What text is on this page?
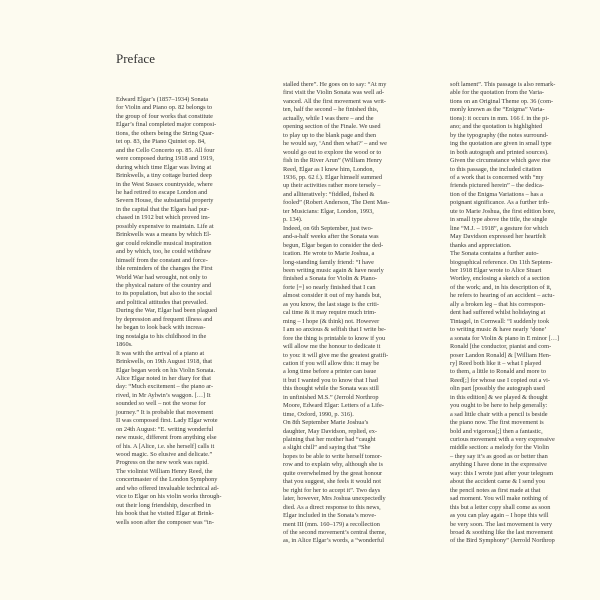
Preface
Edward Elgar’s (1857–1934) Sonata
for Violin and Piano op. 82 belongs to
the group of four works that constitute
Elgar’s final completed major composi-
tions, the others being the String Quar-
tet op. 83, the Piano Quintet op. 84,
and the Cello Concerto op. 85. All four
were composed during 1918 and 1919,
during which time Elgar was living at
Brinkwells, a tiny cottage buried deep
in the West Sussex countryside, where
he had retired to escape London and
Severn House, the substantial property
in the capital that the Elgars had pur-
chased in 1912 but which proved im-
possibly expensive to maintain. Life at
Brinkwells was a means by which El-
gar could rekindle musical inspiration
and by which, too, he could withdraw
himself from the constant and force-
ible reminders of the changes the First
World War had wrought, not only to
the physical nature of the country and
to its population, but also to the social
and political attitudes that prevailed.
During the War, Elgar had been plagued
by depression and frequent illness and
he began to look back with increas-
ing nostalgia to his childhood in the
1860s.
It was with the arrival of a piano at
Brinkwells, on 19th August 1918, that
Elgar began work on his Violin Sonata.
Alice Elgar noted in her diary for that
day: “Much excitement – the piano ar-
rived, in Mr Aylwin’s waggon. […] It
sounded so well – not the worse for
journey.” It is probable that movement
II was composed first. Lady Elgar wrote
on 24th August: “E. writing wonderful
new music, different from anything else
of his. A [Alice, i.e. she herself] calls it
wood magic. So elusive and delicate.”
Progress on the new work was rapid.
The violinist William Henry Reed, the
concertmaster of the London Symphony
and who offered invaluable technical ad-
vice to Elgar on his violin works through-
out their long friendship, described in
his book that he visited Elgar at Brink-
wells soon after the composer was “in-
stalled there”. He goes on to say: “At my
first visit the Violin Sonata was well ad-
vanced. All the first movement was writ-
ten, half the second – he finished this,
actually, while I was there – and the
opening section of the Finale. We used
to play up to the blank page and then
he would say, ‘And then what?’ – and we
would go out to explore the wood or to
fish in the River Arun” (William Henry
Reed, Elgar as I knew him, London,
1936, pp. 62 f.). Elgar himself summed
up their activities rather more tersely –
and alliteratively: “fiddled, fished &
fooled” (Robert Anderson, The Dent Mas-
ter Musicians: Elgar, London, 1993,
p. 134).
Indeed, on 6th September, just two-
and-a-half weeks after the Sonata was
begun, Elgar began to consider the ded-
ication. He wrote to Marie Joshua, a
long-standing family friend: “I have
been writing music again & have nearly
finished a Sonata for Violin & Piano-
forte [=] so nearly finished that I can
almost consider it out of my hands but,
as you know, the last stage is the criti-
cal time & it may require much trim-
ming – I hope (& think) not. However
I am so anxious & selfish that I write be-
fore the thing is printable to know if you
will allow me the honour to dedicate it
to you: it will give me the greatest gratifi-
cation if you will allow this: it may be
a long time before a printer can issue
it but I wanted you to know that I had
this thought while the Sonata was still
in unfinished M.S.” (Jerrold Northrop
Moore, Edward Elgar: Letters of a Life-
time, Oxford, 1990, p. 316).
On 8th September Marie Joshua’s
daughter, May Davidson, replied, ex-
plaining that her mother had “caught
a slight chill” and saying that “She
hopes to be able to write herself tomor-
row and to explain why, although she is
quite overwhelmed by the great honour
that you suggest, she feels it would not
be right for her to accept it”. Two days
later, however, Mrs Joshua unexpectedly
died. As a direct response to this news,
Elgar included in the Sonata’s move-
ment III (mm. 160–179) a recollection
of the second movement’s central theme,
as, in Alice Elgar’s words, a “wonderful
soft lament”. This passage is also remark-
able for the quotation from the Varia-
tions on an Original Theme op. 36 (com-
monly known as the “Enigma” Varia-
tions): it occurs in mm. 166 f. in the pi-
ano; and the quotation is highlighted
by the typography (the notes surround-
ing the quotation are given in small type
in both autograph and printed sources).
Given the circumstance which gave rise
to this passage, the included citation
of a work that is concerned with “my
friends pictured herein” – the dedica-
tion of the Enigma Variations – has a
poignant significance. As a further trib-
ute to Marie Joshua, the first edition bore,
in small type above the title, the single
line “M.J. – 1918”, a gesture for which
May Davidson expressed her heartfelt
thanks and appreciation.
The Sonata contains a further auto-
biographical reference. On 11th Septem-
ber 1918 Elgar wrote to Alice Stuart
Wortley, enclosing a sketch of a section
of the work; and, in his description of it,
he refers to hearing of an accident – actu-
ally a broken leg – that his correspon-
dent had suffered whilst holidaying at
Tintagel, in Cornwall: “I suddenly took
to writing music & have nearly ‘done’
a sonata for Violin & piano in E minor […]
Ronald [the conductor, pianist and com-
poser Landon Ronald] & [William Hen-
ry] Reed both like it – what I played
to them, a little to Ronald and more to
Reed[;] for whose use I copied out a vi-
olin part [possibly the autograph used
in this edition] & we played & thought
you ought to be here to help generally:
a sad little chair with a pencil is beside
the piano now. The first movement is
bold and vigorous[;] then a fantastic,
curious movement with a very expressive
middle section: a melody for the Violin
– they say it’s as good as or better than
anything I have done in the expressive
way: this I wrote just after your telegram
about the accident came & I send you
the pencil notes as first made at that
sad moment. You will make nothing of
this but a letter copy shall come as soon
as you can play again – I hope this will
be very soon. The last movement is very
broad & soothing like the last movement
of the Bird Symphony” (Jerrold Northrop
